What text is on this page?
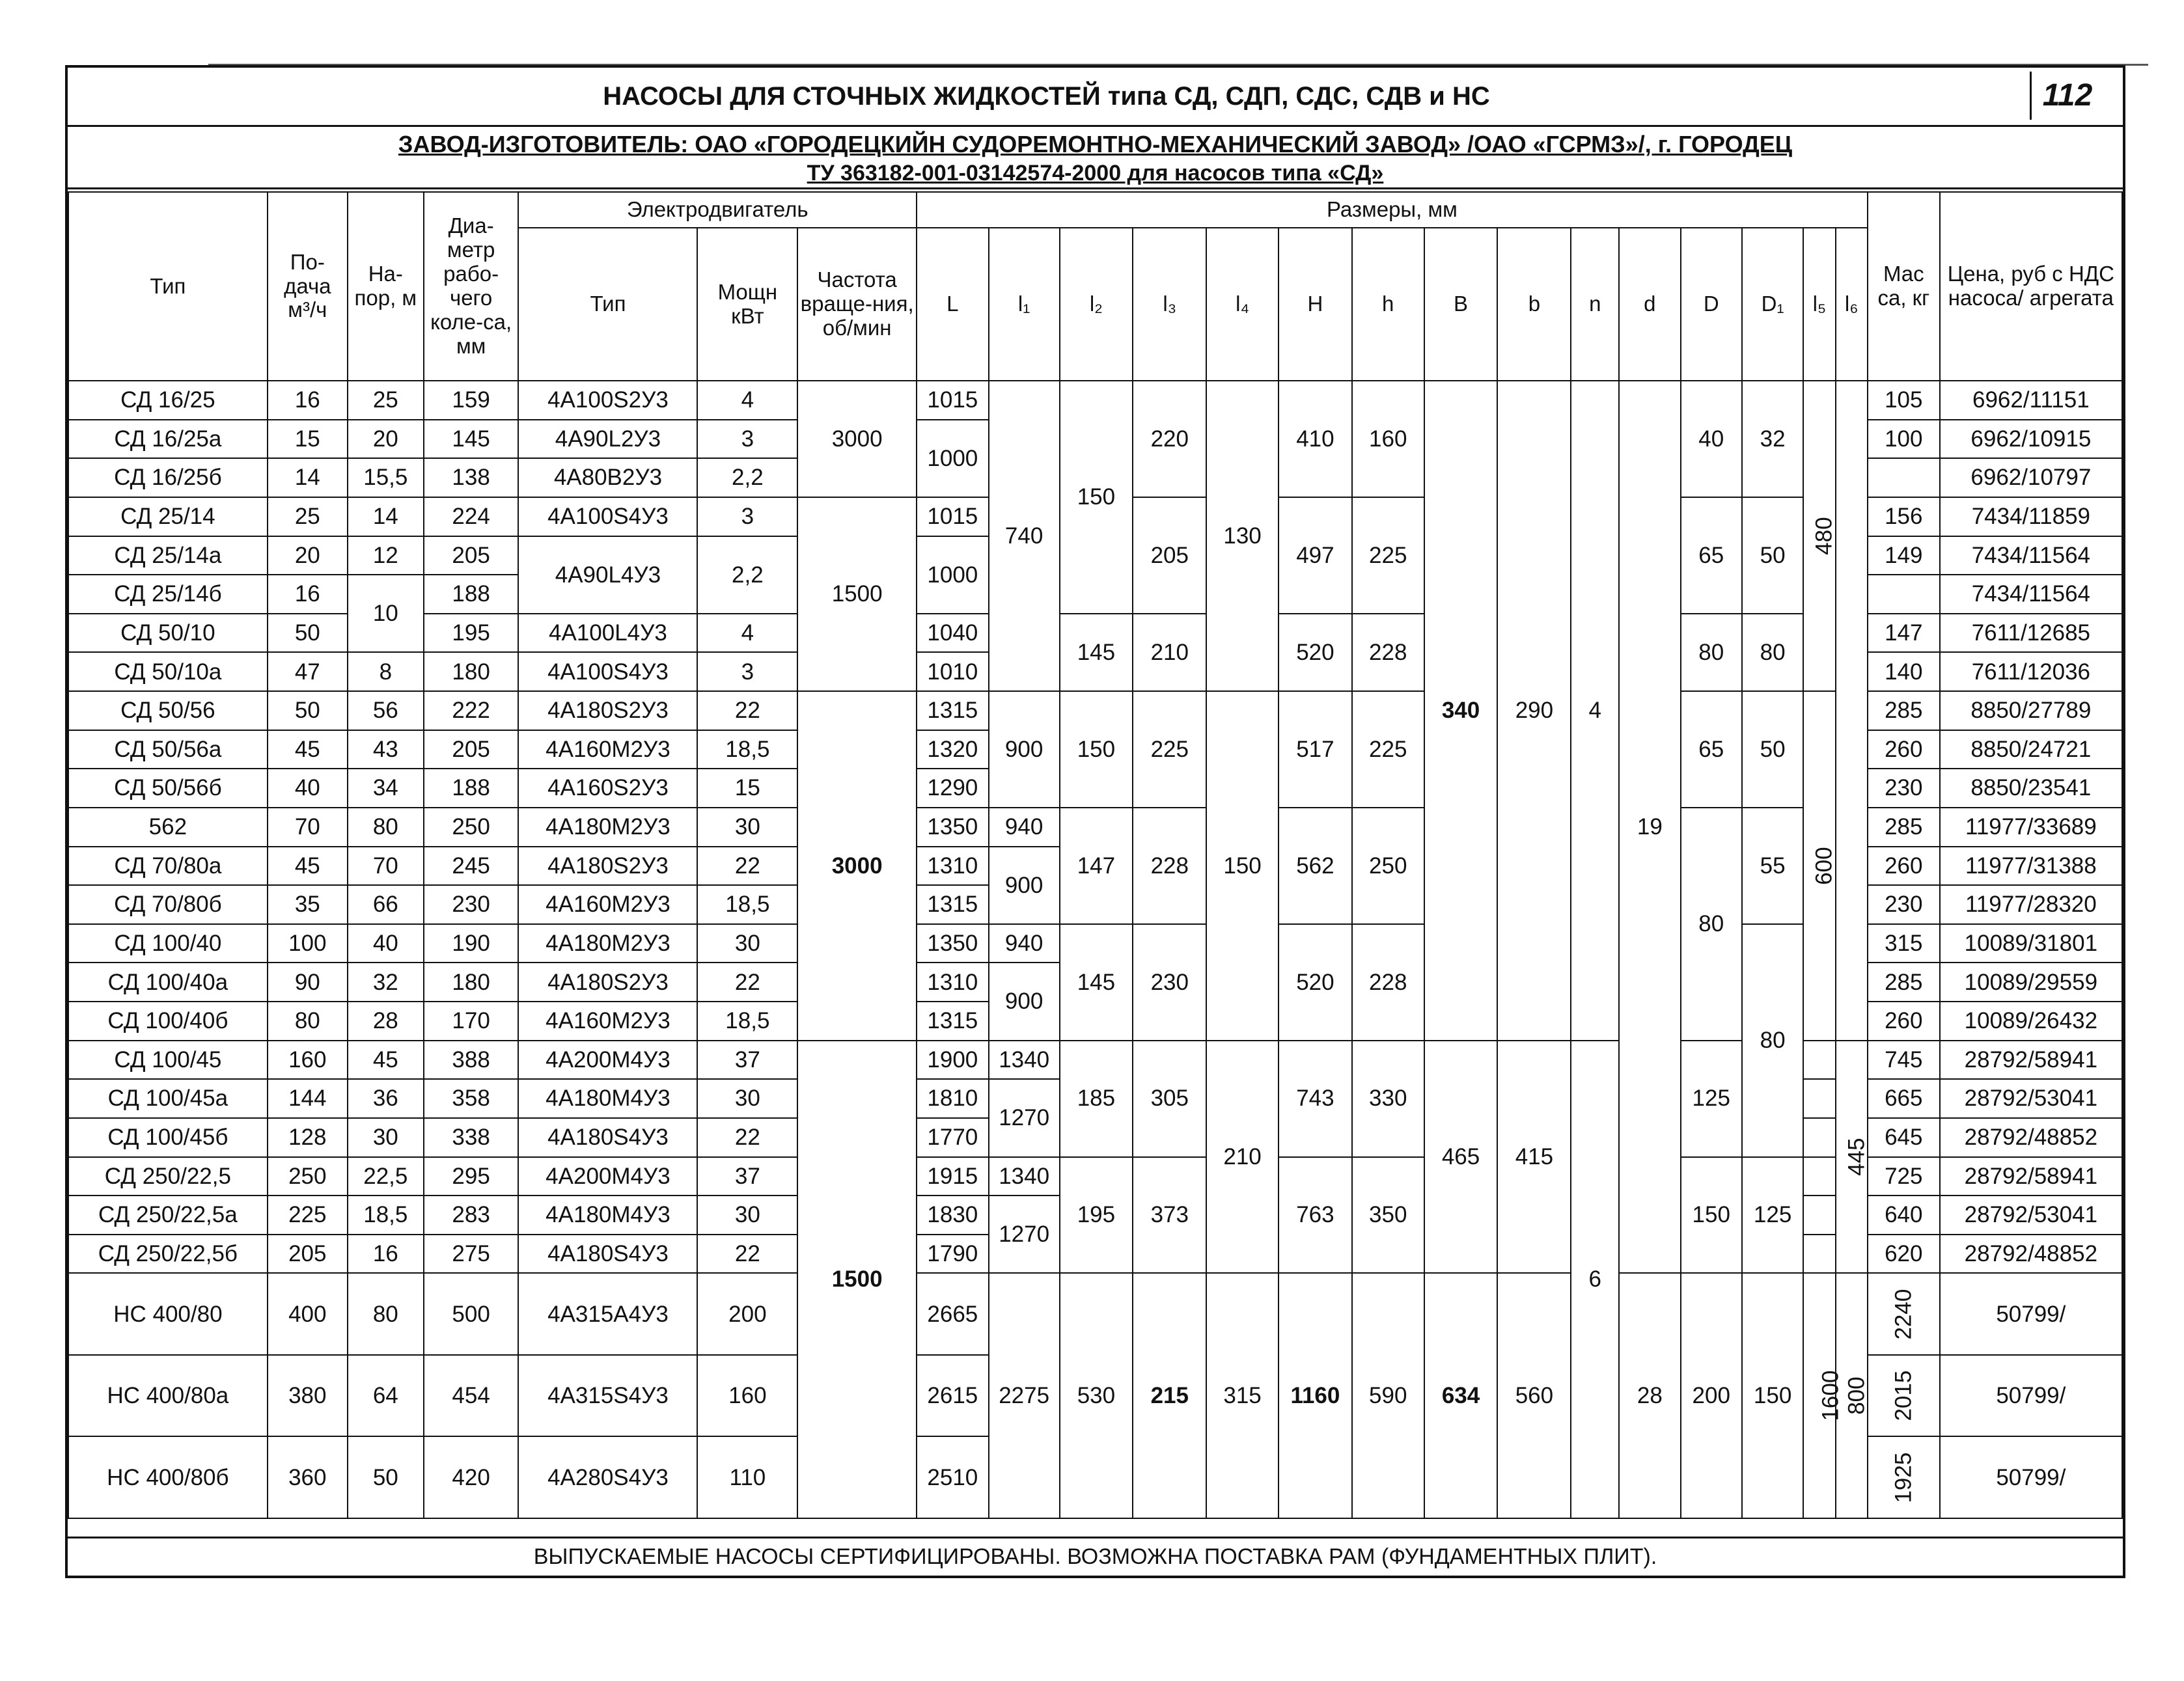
НАСОСЫ ДЛЯ СТОЧНЫХ ЖИДКОСТЕЙ типа СД, СДП, СДС, СДВ и НС	112
ЗАВОД-ИЗГОТОВИТЕЛЬ: ОАО «ГОРОДЕЦКИЙН СУДОРЕМОНТНО-МЕХАНИЧЕСКИЙ ЗАВОД» /ОАО «ГСРМЗ»/, г. ГОРОДЕЦ
ТУ 363182-001-03142574-2000 для насосов типа «СД»
Тип	По-дача м³/ч	На-пор, м	Диа-метр рабо-чего коле-са, мм	Электродвигатель			Размеры, мм															Мас са, кг	Цена, руб с НДС насоса/ агрегата
				Тип	Мощн кВт	Частота враще-ния, об/мин	L	l₁	l₂	l₃	l₄	H	h	B	b	n	d	D	D₁	l₅	l₆		
СД 16/25	16	25	159	4А100S2У3	4	3000	1015	740	150	220	130	410	160	340	290	4	19	40	32	480		105	6962/11151
СД 16/25а	15	20	145	4А90L2У3	3		1000															100	6962/10915
СД 16/25б	14	15,5	138	4А80В2У3	2,2																		6962/10797
СД 25/14	25	14	224	4А100S4У3	3	1500	1015			205		497	225					65	50			156	7434/11859
СД 25/14а	20	12	205	4А90L4У3	2,2		1000															149	7434/11564
СД 25/14б	16	10	188																				7434/11564
СД 50/10	50		195	4А100L4У3	4		1040		145	210		520	228					80	80			147	7611/12685
СД 50/10а	47	8	180	4А100S4У3	3		1010															140	7611/12036
СД 50/56	50	56	222	4А180S2У3	22	3000	1315	900	150	225	150	517	225					65	50	600		285	8850/27789
СД 50/56а	45	43	205	4А160М2У3	18,5		1320															260	8850/24721
СД 50/56б	40	34	188	4А160S2У3	15		1290															230	8850/23541
562	70	80	250	4А180М2У3	30		1350	940	147	228		562	250					80	55			285	11977/33689
СД 70/80а	45	70	245	4А180S2У3	22		1310	900														260	11977/31388
СД 70/80б	35	66	230	4А160М2У3	18,5		1315															230	11977/28320
СД 100/40	100	40	190	4А180М2У3	30		1350	940	145	230		520	228						80			315	10089/31801
СД 100/40а	90	32	180	4А180S2У3	22		1310	900														285	10089/29559
СД 100/40б	80	28	170	4А160М2У3	18,5		1315															260	10089/26432
СД 100/45	160	45	388	4А200М4У3	37	1500	1900	1340	185	305	210	743	330	465	415	6		125			445	745	28792/58941
СД 100/45а	144	36	358	4А180М4У3	30		1810	1270														665	28792/53041
СД 100/45б	128	30	338	4А180S4У3	22		1770															645	28792/48852
СД 250/22,5	250	22,5	295	4А200М4У3	37		1915	1340	195	373		763	350					150	125			725	28792/58941
СД 250/22,5а	225	18,5	283	4А180М4У3	30		1830	1270														640	28792/53041
СД 250/22,5б	205	16	275	4А180S4У3	22		1790															620	28792/48852
НС 400/80	400	80	500	4А315А4У3	200		2665	2275	530	215	315	1160	590	634	560		28	200	150	1600	800	2240	50799/
НС 400/80а	380	64	454	4А315S4У3	160		2615															2015	50799/
НС 400/80б	360	50	420	4А280S4У3	110		2510															1925	50799/
ВЫПУСКАЕМЫЕ НАСОСЫ СЕРТИФИЦИРОВАНЫ. ВОЗМОЖНА ПОСТАВКА РАМ (ФУНДАМЕНТНЫХ ПЛИТ).
